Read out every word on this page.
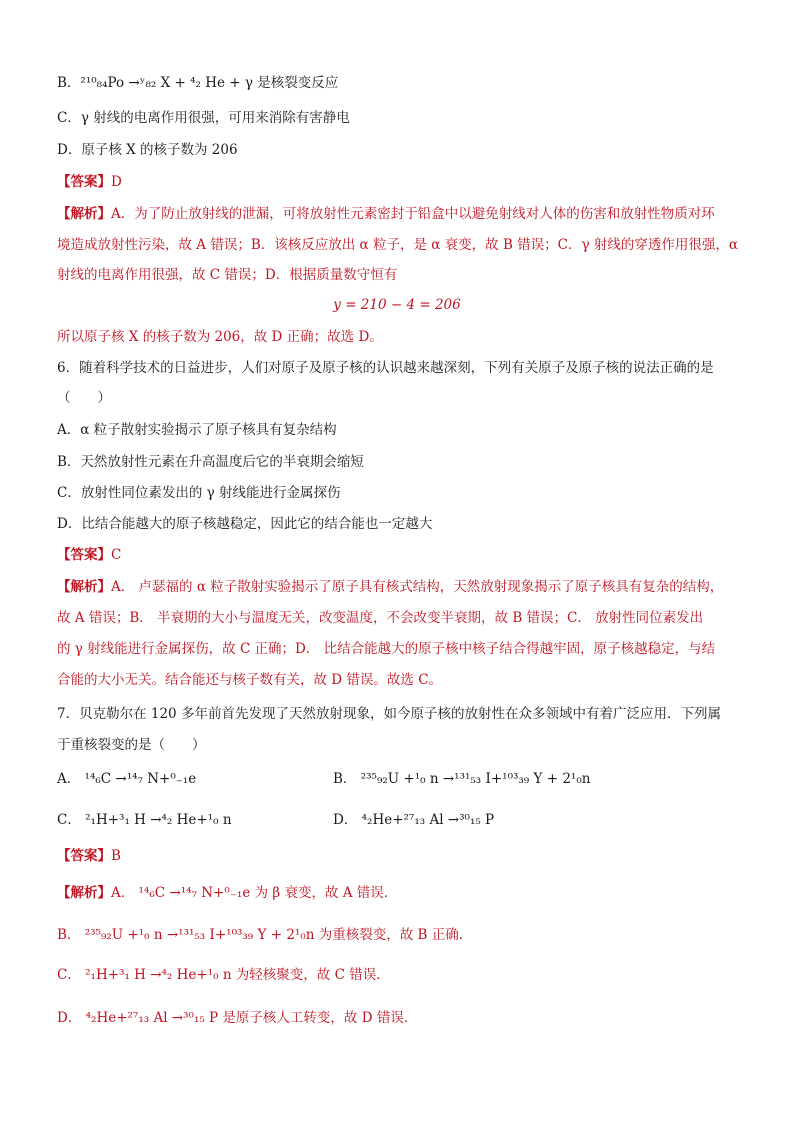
B．²¹⁰₈₄Po →ʸ₈₂ X + ⁴₂ He + γ 是核裂变反应
C．γ 射线的电离作用很强，可用来消除有害静电
D．原子核 X 的核子数为 206
【答案】D
【解析】A．为了防止放射线的泄漏，可将放射性元素密封于铅盒中以避免射线对人体的伤害和放射性物质对环
境造成放射性污染，故 A 错误；B．该核反应放出 α 粒子，是 α 衰变，故 B 错误；C．γ 射线的穿透作用很强，α
射线的电离作用很强，故 C 错误；D．根据质量数守恒有
y = 210 − 4 = 206
所以原子核 X 的核子数为 206，故 D 正确；故选 D。
6．随着科学技术的日益进步，人们对原子及原子核的认识越来越深刻，下列有关原子及原子核的说法正确的是
（　　）
A．α 粒子散射实验揭示了原子核具有复杂结构
B．天然放射性元素在升高温度后它的半衰期会缩短
C．放射性同位素发出的 γ 射线能进行金属探伤
D．比结合能越大的原子核越稳定，因此它的结合能也一定越大
【答案】C
【解析】A． 卢瑟福的 α 粒子散射实验揭示了原子具有核式结构，天然放射现象揭示了原子核具有复杂的结构，
故 A 错误；B． 半衰期的大小与温度无关，改变温度，不会改变半衰期，故 B 错误；C． 放射性同位素发出
的 γ 射线能进行金属探伤，故 C 正确；D． 比结合能越大的原子核中核子结合得越牢固，原子核越稳定，与结
合能的大小无关。结合能还与核子数有关，故 D 错误。故选 C。
7．贝克勒尔在 120 多年前首先发现了天然放射现象，如今原子核的放射性在众多领域中有着广泛应用．下列属
于重核裂变的是（　　）
A． ¹⁴₆C →¹⁴₇ N+⁰₋₁e	B． ²³⁵₉₂U +¹₀ n →¹³¹₅₃ I+¹⁰³₃₉ Y + 2¹₀n
C． ²₁H+³₁ H →⁴₂ He+¹₀ n	D． ⁴₂He+²⁷₁₃ Al →³⁰₁₅ P
【答案】B
【解析】A． ¹⁴₆C →¹⁴₇ N+⁰₋₁e 为 β 衰变，故 A 错误．
B． ²³⁵₉₂U +¹₀ n →¹³¹₅₃ I+¹⁰³₃₉ Y + 2¹₀n 为重核裂变，故 B 正确．
C． ²₁H+³₁ H →⁴₂ He+¹₀ n 为轻核聚变，故 C 错误．
D． ⁴₂He+²⁷₁₃ Al →³⁰₁₅ P 是原子核人工转变，故 D 错误．
